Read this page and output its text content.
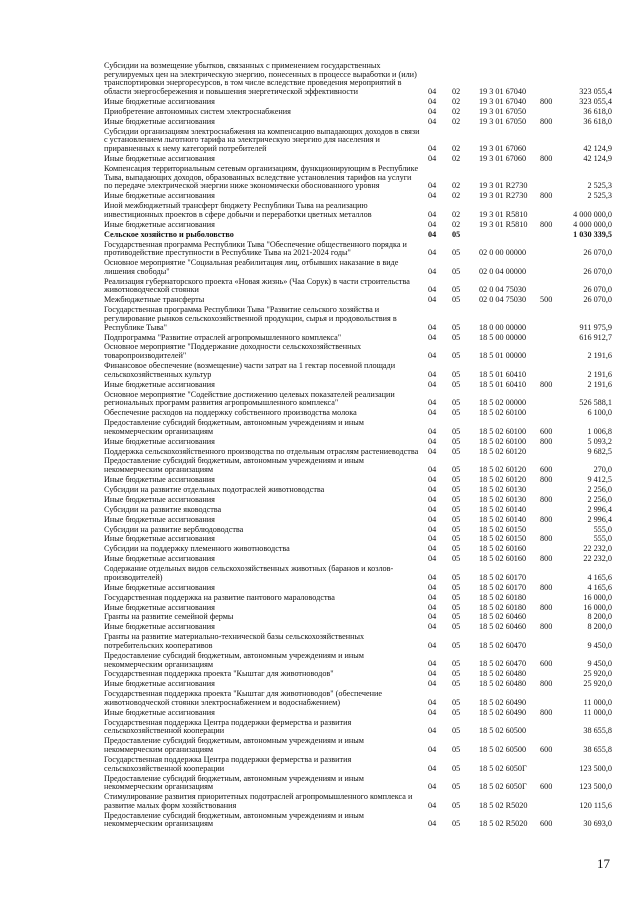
Субсидии на возмещение убытков, связанных с применением государственных регулируемых цен на электрическую энергию, понесенных в процессе выработки и (или) транспортировки энергоресурсов, в том числе вследствие проведения мероприятий в области энергосбережения и повышения энергетической эффективности	04 02 19 3 01 67040	323 055,4
Иные бюджетные ассигнования	04 02 19 3 01 67040 800	323 055,4
Приобретение автономных систем электроснабжения	04 02 19 3 01 67050	36 618,0
Иные бюджетные ассигнования	04 02 19 3 01 67050 800	36 618,0
Субсидии организациям электроснабжения на компенсацию выпадающих доходов в связи с установлением льготного тарифа на электрическую энергию для населения и приравненных к нему категорий потребителей	04 02 19 3 01 67060	42 124,9
Иные бюджетные ассигнования	04 02 19 3 01 67060 800	42 124,9
Компенсация территориальным сетевым организациям, функционирующим в Республике Тыва, выпадающих доходов, образованных вследствие установления тарифов на услуги по передаче электрической энергии ниже экономически обоснованного уровня	04 02 19 3 01 R2730	2 525,3
Иные бюджетные ассигнования	04 02 19 3 01 R2730 800	2 525,3
Иной межбюджетный трансферт бюджету Республики Тыва на реализацию инвестиционных проектов в сфере добычи и переработки цветных металлов	04 02 19 3 01 R5810	4 000 000,0
Иные бюджетные ассигнования	04 02 19 3 01 R5810 800	4 000 000,0
Сельское хозяйство и рыболовство	04 05	1 030 339,5
Государственная программа Республики Тыва "Обеспечение общественного порядка и противодействие преступности в Республике Тыва на 2021-2024 годы"	04 05 02 0 00 00000	26 070,0
Основное мероприятие "Социальная реабилитация лиц, отбывших наказание в виде лишения свободы"	04 05 02 0 04 00000	26 070,0
Реализация губернаторского проекта «Новая жизнь» (Чаа Сорук) в части строительства животноводческой стоянки	04 05 02 0 04 75030	26 070,0
Межбюджетные трансферты	04 05 02 0 04 75030 500	26 070,0
Государственная программа Республики Тыва "Развитие сельского хозяйства и регулирование рынков сельскохозяйственной продукции, сырья и продовольствия в Республике Тыва"	04 05 18 0 00 00000	911 975,9
Подпрограмма "Развитие отраслей агропромышленного комплекса"	04 05 18 5 00 00000	616 912,7
Основное мероприятие "Поддержание доходности сельскохозяйственных товаропроизводителей"	04 05 18 5 01 00000	2 191,6
Финансовое обеспечение (возмещение) части затрат на 1 гектар посевной площади сельскохозяйственных культур	04 05 18 5 01 60410	2 191,6
Иные бюджетные ассигнования	04 05 18 5 01 60410 800	2 191,6
Основное мероприятие "Содействие достижению целевых показателей реализации региональных программ развития агропромышленного комплекса"	04 05 18 5 02 00000	526 588,1
Обеспечение расходов на поддержку собственного производства молока	04 05 18 5 02 60100	6 100,0
Предоставление субсидий бюджетным, автономным учреждениям и иным некоммерческим организациям	04 05 18 5 02 60100 600	1 006,8
Иные бюджетные ассигнования	04 05 18 5 02 60100 800	5 093,2
Поддержка сельскохозяйственного производства по отдельным отраслям растениеводства 04 05 18 5 02 60120	9 682,5
Предоставление субсидий бюджетным, автономным учреждениям и иным некоммерческим организациям	04 05 18 5 02 60120 600	270,0
Иные бюджетные ассигнования	04 05 18 5 02 60120 800	9 412,5
Субсидии на развитие отдельных подотраслей животноводства	04 05 18 5 02 60130	2 256,0
Иные бюджетные ассигнования	04 05 18 5 02 60130 800	2 256,0
Субсидии на развитие яководства	04 05 18 5 02 60140	2 996,4
Иные бюджетные ассигнования	04 05 18 5 02 60140 800	2 996,4
Субсидии на развитие верблюдоводства	04 05 18 5 02 60150	555,0
Иные бюджетные ассигнования	04 05 18 5 02 60150 800	555,0
Субсидии на поддержку племенного животноводства	04 05 18 5 02 60160	22 232,0
Иные бюджетные ассигнования	04 05 18 5 02 60160 800	22 232,0
Содержание отдельных видов сельскохозяйственных животных (баранов и козлов-производителей)	04 05 18 5 02 60170	4 165,6
Иные бюджетные ассигнования	04 05 18 5 02 60170 800	4 165,6
Государственная поддержка на развитие пантового мараловодства	04 05 18 5 02 60180	16 000,0
Иные бюджетные ассигнования	04 05 18 5 02 60180 800	16 000,0
Гранты на развитие семейной фермы	04 05 18 5 02 60460	8 200,0
Иные бюджетные ассигнования	04 05 18 5 02 60460 800	8 200,0
Гранты на развитие материально-технической базы сельскохозяйственных потребительских кооперативов	04 05 18 5 02 60470	9 450,0
Предоставление субсидий бюджетным, автономным учреждениям и иным некоммерческим организациям	04 05 18 5 02 60470 600	9 450,0
Государственная поддержка проекта "Кыштаг для животноводов"	04 05 18 5 02 60480	25 920,0
Иные бюджетные ассигнования	04 05 18 5 02 60480 800	25 920,0
Государственная поддержка проекта "Кыштаг для животноводов" (обеспечение животноводческой стоянки электроснабжением и водоснабжением)	04 05 18 5 02 60490	11 000,0
Иные бюджетные ассигнования	04 05 18 5 02 60490 800	11 000,0
Государственная поддержка Центра поддержки фермерства и развития сельскохозяйственной кооперации	04 05 18 5 02 60500	38 655,8
Предоставление субсидий бюджетным, автономным учреждениям и иным некоммерческим организациям	04 05 18 5 02 60500 600	38 655,8
Государственная поддержка Центра поддержки фермерства и развития сельскохозяйственной кооперации	04 05 18 5 02 6050Г	123 500,0
Предоставление субсидий бюджетным, автономным учреждениям и иным некоммерческим организациям	04 05 18 5 02 6050Г 600	123 500,0
Стимулирование развития приоритетных подотраслей агропромышленного комплекса и развитие малых форм хозяйствования	04 05 18 5 02 R5020	120 115,6
Предоставление субсидий бюджетным, автономным учреждениям и иным некоммерческим организациям	04 05 18 5 02 R5020 600	30 693,0
17
